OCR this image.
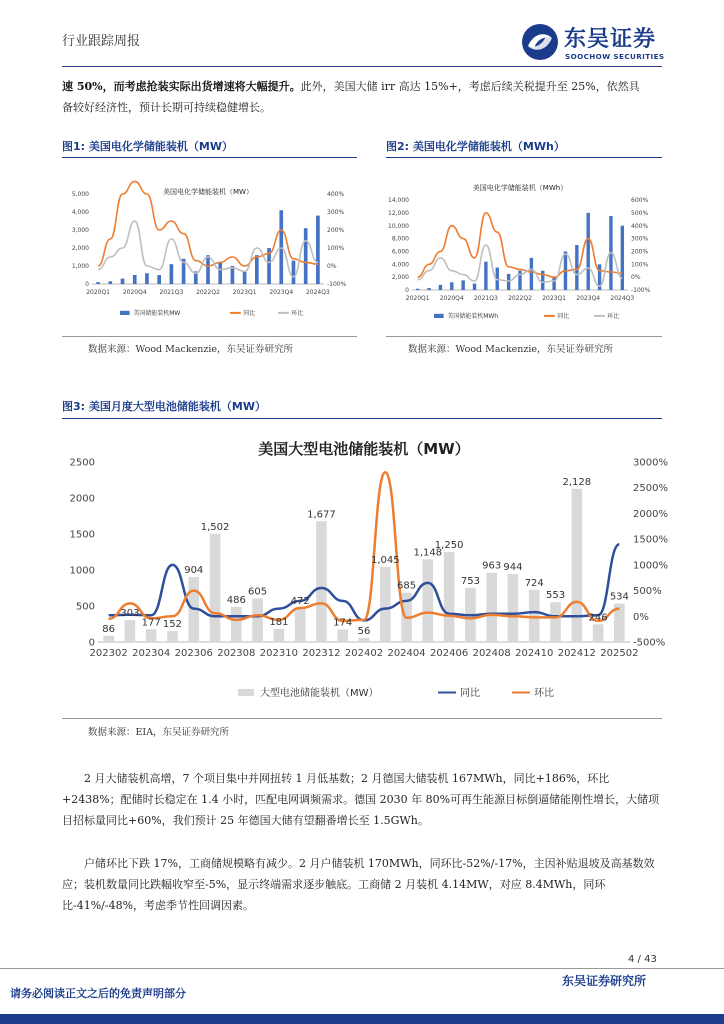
行业跟踪周报	东吴证券
SOOCHOW SECURITIES
速 50%，而考虑抢装实际出货增速将大幅提升。此外，美国大储 irr 高达 15%+，考虑后续关税提升至 25%，依然具备较好经济性，预计长期可持续稳健增长。
图1: 美国电化学储能装机（MW）	图2: 美国电化学储能装机（MWh）
美国电化学储能装机（MW）
0
1,000
2,000
3,000
4,000
5,000
-100%
0%
100%
200%
300%
400%
2020Q1 2020Q4 2021Q3 2022Q2 2023Q1 2023Q4 2024Q3
美国储能装机MW	同比	环比
美国电化学储能装机（MWh）
0
2,000
4,000
6,000
8,000
10,000
12,000
14,000
-100%
0%
100%
200%
300%
400%
500%
600%
2020Q1 2020Q4 2021Q3 2022Q2 2023Q1 2023Q4 2024Q3
美国储能装机MWh	同比	环比
数据来源：Wood Mackenzie，东吴证券研究所	数据来源：Wood Mackenzie，东吴证券研究所
图3: 美国月度大型电池储能装机（MW）
美国大型电池储能装机（MW）
0
500
1000
1500
2000
2500
-500%
0%
500%
1000%
1500%
2000%
2500%
3000%
86
303
177 152
904
1,502
486
605
181
472
1,677
174
56
1,045
685
1,148
1,250
753
963 944
724
553
2,128
246
534
202302 202304 202306 202308 202310 202312 202402 202404 202406 202408 202410 202412 202502
大型电池储能装机（MW）	同比	环比
数据来源：EIA，东吴证券研究所
2 月大储装机高增，7 个项目集中并网扭转 1 月低基数；2 月德国大储装机 167MWh，同比+186%，环比+2438%；配储时长稳定在 1.4 小时，匹配电网调频需求。德国 2030 年 80%可再生能源目标倒逼储能刚性增长，大储项目招标量同比+60%，我们预计 25 年德国大储有望翻番增长至 1.5GWh。
户储环比下跌 17%，工商储规模略有减少。2 月户储装机 170MWh，同环比-52%/-17%，主因补贴退坡及高基数效应；装机数量同比跌幅收窄至-5%，显示终端需求逐步触底。工商储 2 月装机 4.14MW，对应 8.4MWh，同环比-41%/-48%，考虑季节性回调因素。
4 / 43
东吴证券研究所
请务必阅读正文之后的免责声明部分
